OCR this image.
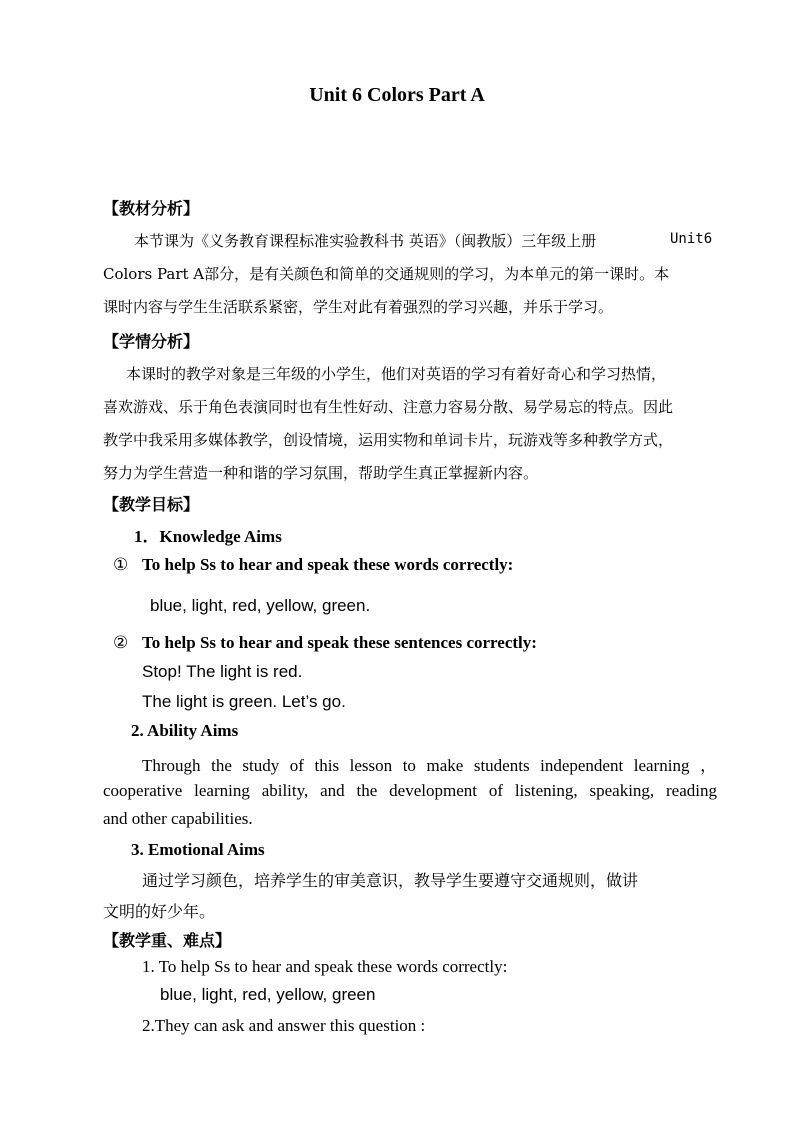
Unit 6 Colors Part A
【教材分析】
本节课为《义务教育课程标准实验教科书 英语》（闽教版）三年级上册	Unit6
Colors Part A部分，是有关颜色和简单的交通规则的学习，为本单元的第一课时。本
课时内容与学生生活联系紧密，学生对此有着强烈的学习兴趣，并乐于学习。
【学情分析】
本课时的教学对象是三年级的小学生，他们对英语的学习有着好奇心和学习热情，
喜欢游戏、乐于角色表演同时也有生性好动、注意力容易分散、易学易忘的特点。因此
教学中我采用多媒体教学，创设情境，运用实物和单词卡片，玩游戏等多种教学方式，
努力为学生营造一种和谐的学习氛围，帮助学生真正掌握新内容。
【教学目标】
1．Knowledge Aims
① To help Ss to hear and speak these words correctly:
blue, light, red, yellow, green.
② To help Ss to hear and speak these sentences correctly:
Stop! The light is red.
The light is green. Let’s go.
2. Ability Aims
Through the study of this lesson to make students independent learning ，
cooperative learning ability, and the development of listening, speaking, reading
and other capabilities.
3. Emotional Aims
通过学习颜色，培养学生的审美意识，教导学生要遵守交通规则，做讲
文明的好少年。
【教学重、难点】
1. To help Ss to hear and speak these words correctly:
blue, light, red, yellow, green
2.They can ask and answer this question :
